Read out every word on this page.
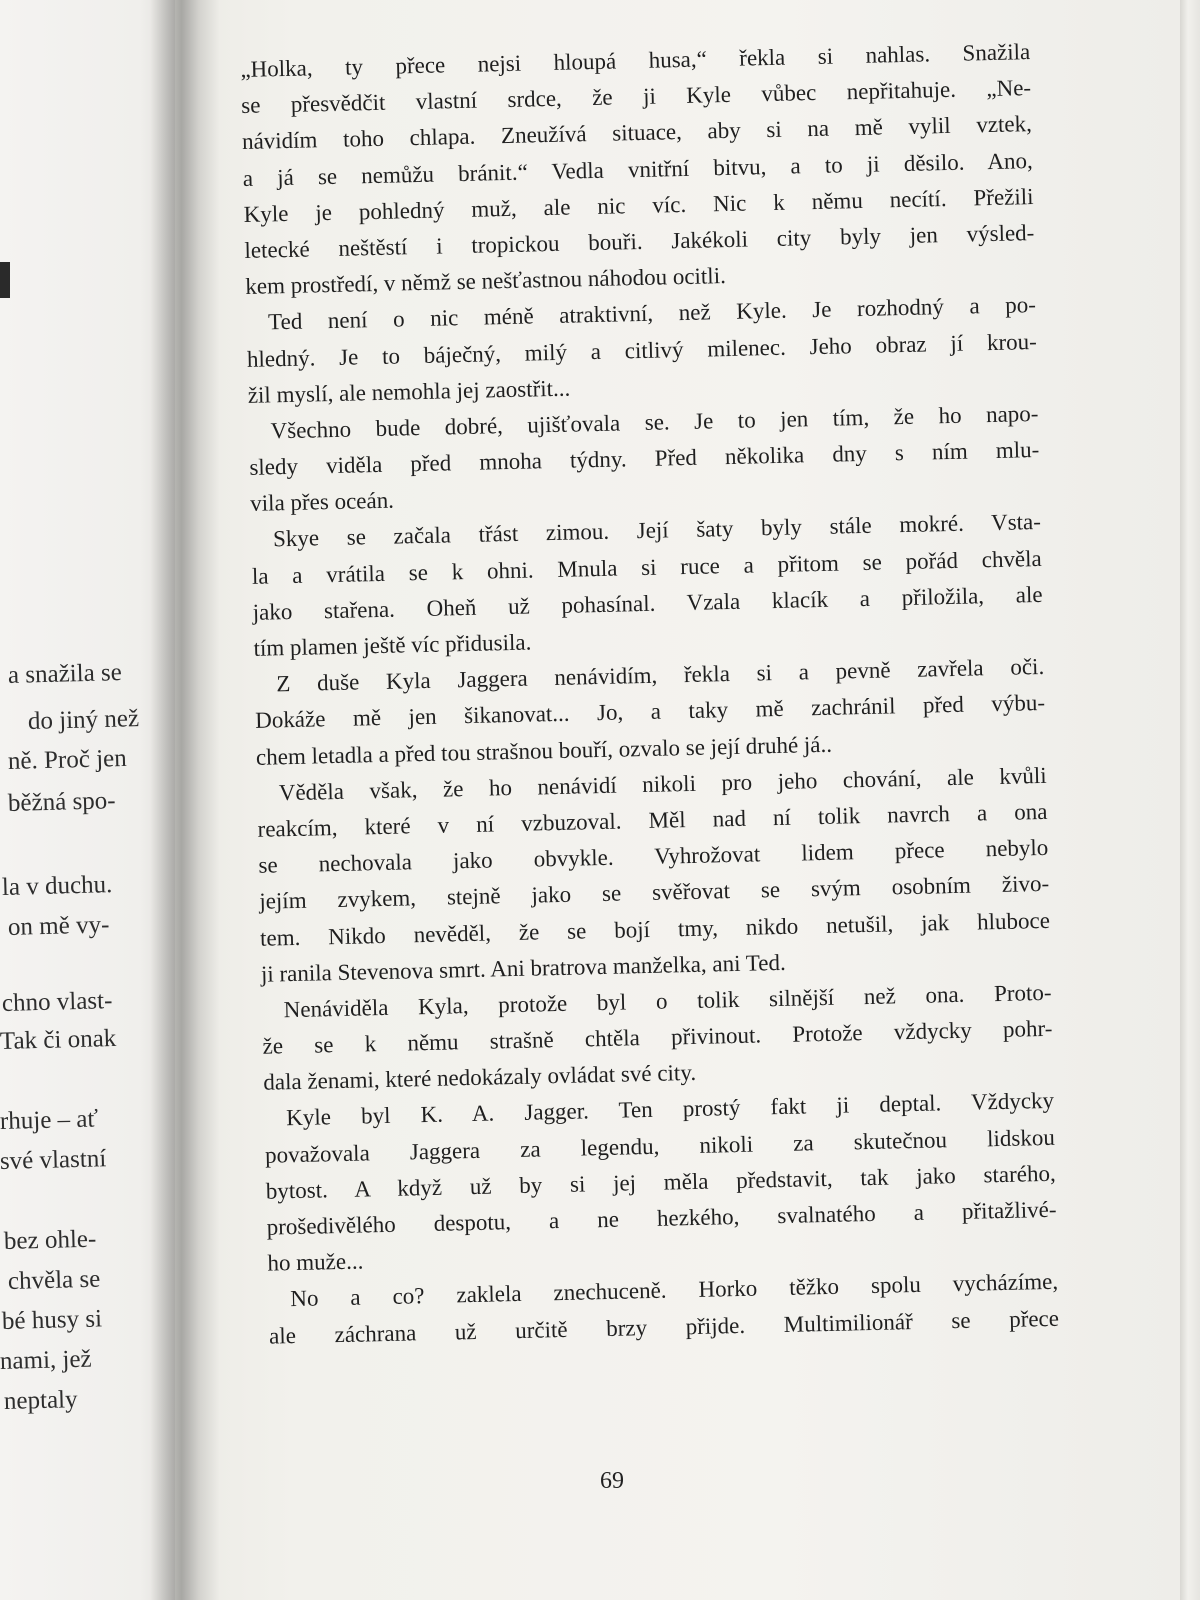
a snažila se
do jiný než
ně. Proč jen
běžná spo-
la v duchu.
on mě vy-
chno vlast-
Tak či onak
rhuje – ať
své vlastní
bez ohle-
chvěla se
bé husy si
nami, jež
neptaly
„Holka, ty přece nejsi hloupá husa,“ řekla si nahlas. Snažila
se přesvědčit vlastní srdce, že ji Kyle vůbec nepřitahuje. „Ne-
návidím toho chlapa. Zneužívá situace, aby si na mě vylil vztek,
a já se nemůžu bránit.“ Vedla vnitřní bitvu, a to ji děsilo. Ano,
Kyle je pohledný muž, ale nic víc. Nic k němu necítí. Přežili
letecké neštěstí i tropickou bouři. Jakékoli city byly jen výsled-
kem prostředí, v němž se nešťastnou náhodou ocitli.
Ted není o nic méně atraktivní, než Kyle. Je rozhodný a po-
hledný. Je to báječný, milý a citlivý milenec. Jeho obraz jí krou-
žil myslí, ale nemohla jej zaostřit...
Všechno bude dobré, ujišťovala se. Je to jen tím, že ho napo-
sledy viděla před mnoha týdny. Před několika dny s ním mlu-
vila přes oceán.
Skye se začala třást zimou. Její šaty byly stále mokré. Vsta-
la a vrátila se k ohni. Mnula si ruce a přitom se pořád chvěla
jako stařena. Oheň už pohasínal. Vzala klacík a přiložila, ale
tím plamen ještě víc přidusila.
Z duše Kyla Jaggera nenávidím, řekla si a pevně zavřela oči.
Dokáže mě jen šikanovat... Jo, a taky mě zachránil před výbu-
chem letadla a před tou strašnou bouří, ozvalo se její druhé já..
Věděla však, že ho nenávidí nikoli pro jeho chování, ale kvůli
reakcím, které v ní vzbuzoval. Měl nad ní tolik navrch a ona
se nechovala jako obvykle. Vyhrožovat lidem přece nebylo
jejím zvykem, stejně jako se svěřovat se svým osobním živo-
tem. Nikdo nevěděl, že se bojí tmy, nikdo netušil, jak hluboce
ji ranila Stevenova smrt. Ani bratrova manželka, ani Ted.
Nenáviděla Kyla, protože byl o tolik silnější než ona. Proto-
že se k němu strašně chtěla přivinout. Protože vždycky pohr-
dala ženami, které nedokázaly ovládat své city.
Kyle byl K. A. Jagger. Ten prostý fakt ji deptal. Vždycky
považovala Jaggera za legendu, nikoli za skutečnou lidskou
bytost. A když už by si jej měla představit, tak jako starého,
prošedivělého despotu, a ne hezkého, svalnatého a přitažlivé-
ho muže...
No a co? zaklela znechuceně. Horko těžko spolu vycházíme,
ale záchrana už určitě brzy přijde. Multimilionář se přece
69
